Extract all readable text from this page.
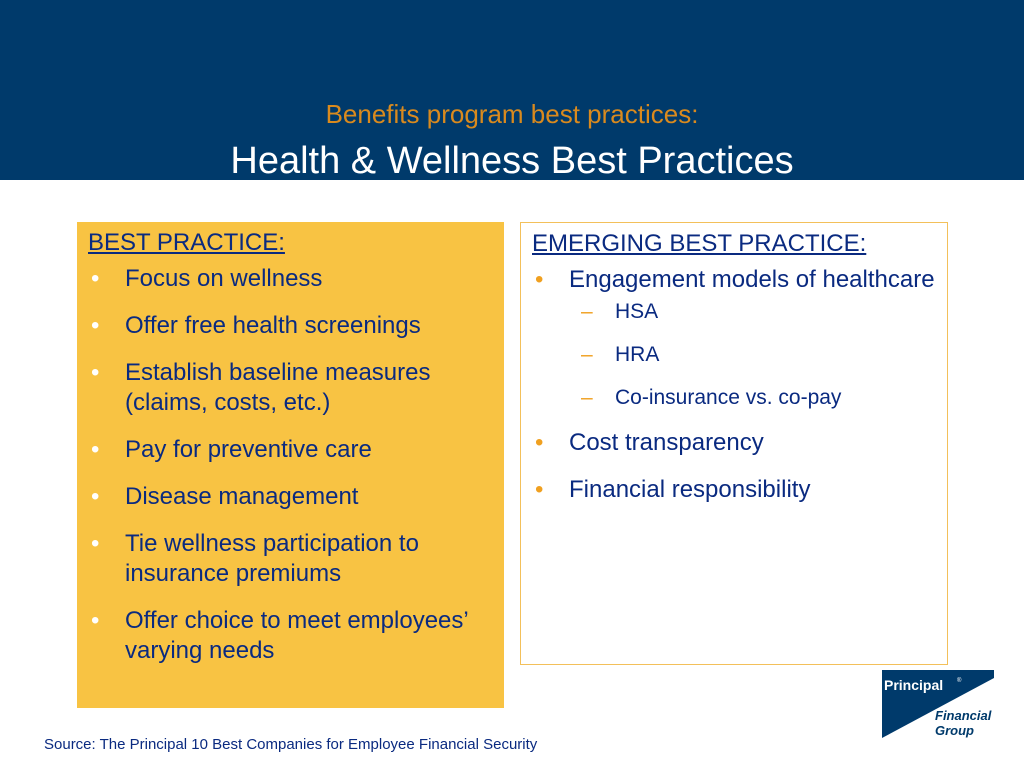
Benefits program best practices:
Health & Wellness Best Practices
BEST PRACTICE:
• Focus on wellness
• Offer free health screenings
• Establish baseline measures (claims, costs, etc.)
• Pay for preventive care
• Disease management
• Tie wellness participation to insurance premiums
• Offer choice to meet employees’ varying needs
EMERGING BEST PRACTICE:
• Engagement models of healthcare
– HSA
– HRA
– Co-insurance vs. co-pay
• Cost transparency
• Financial responsibility
Source: The Principal 10 Best Companies for Employee Financial Security
Principal ®
Financial
Group
